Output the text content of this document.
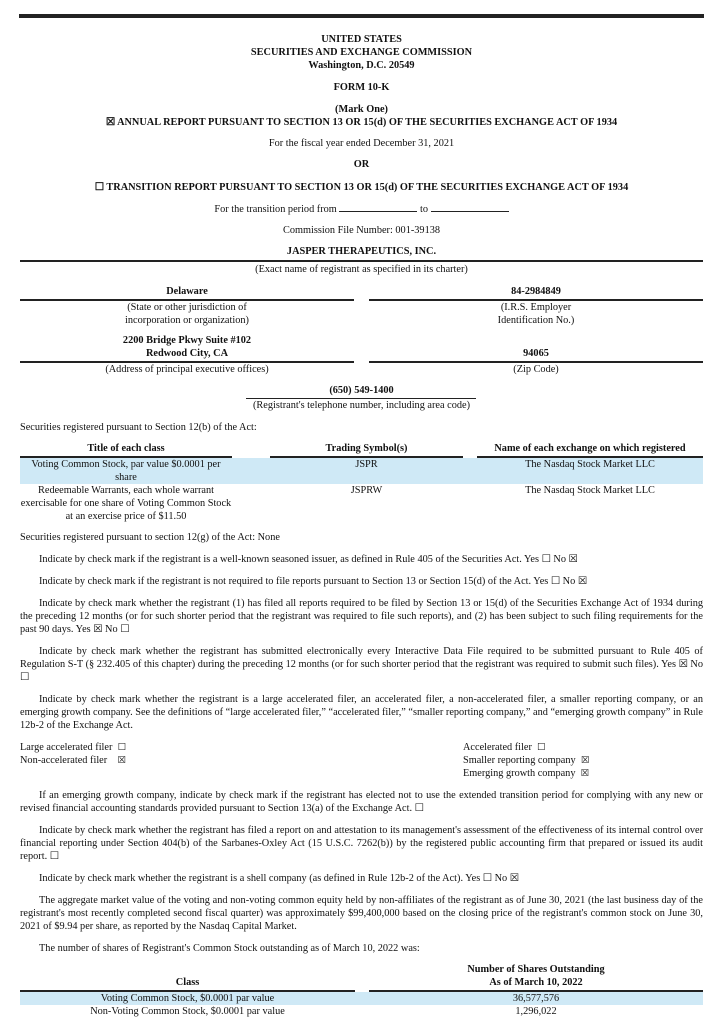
UNITED STATES
SECURITIES AND EXCHANGE COMMISSION
Washington, D.C. 20549
FORM 10-K
(Mark One)
☒ ANNUAL REPORT PURSUANT TO SECTION 13 OR 15(d) OF THE SECURITIES EXCHANGE ACT OF 1934
For the fiscal year ended December 31, 2021
OR
☐ TRANSITION REPORT PURSUANT TO SECTION 13 OR 15(d) OF THE SECURITIES EXCHANGE ACT OF 1934
For the transition period from	to
Commission File Number: 001-39138
JASPER THERAPEUTICS, INC.
(Exact name of registrant as specified in its charter)
Delaware
(State or other jurisdiction of
incorporation or organization)
84-2984849
(I.R.S. Employer
Identification No.)
2200 Bridge Pkwy Suite #102
Redwood City, CA
(Address of principal executive offices)
94065
(Zip Code)
(650) 549-1400
(Registrant's telephone number, including area code)
Securities registered pursuant to Section 12(b) of the Act:
Title of each class		Trading Symbol(s)		Name of each exchange on which registered

Voting Common Stock, par value $0.0001 per share		JSPR		The Nasdaq Stock Market LLC
Redeemable Warrants, each whole warrant exercisable for one share of Voting Common Stock at an exercise price of $11.50		JSPRW		The Nasdaq Stock Market LLC
Securities registered pursuant to section 12(g) of the Act: None
Indicate by check mark if the registrant is a well-known seasoned issuer, as defined in Rule 405 of the Securities Act. Yes ☐ No ☒
Indicate by check mark if the registrant is not required to file reports pursuant to Section 13 or Section 15(d) of the Act. Yes ☐ No ☒
Indicate by check mark whether the registrant (1) has filed all reports required to be filed by Section 13 or 15(d) of the Securities Exchange Act of 1934 during the preceding 12 months (or for such shorter period that the registrant was required to file such reports), and (2) has been subject to such filing requirements for the past 90 days. Yes ☒ No ☐
Indicate by check mark whether the registrant has submitted electronically every Interactive Data File required to be submitted pursuant to Rule 405 of Regulation S-T (§ 232.405 of this chapter) during the preceding 12 months (or for such shorter period that the registrant was required to submit such files). Yes ☒ No ☐
Indicate by check mark whether the registrant is a large accelerated filer, an accelerated filer, a non-accelerated filer, a smaller reporting company, or an emerging growth company. See the definitions of “large accelerated filer,” “accelerated filer,” “smaller reporting company,” and “emerging growth company” in Rule 12b-2 of the Exchange Act.
Large accelerated filer ☐
Non-accelerated filer ☒
Accelerated filer ☐
Smaller reporting company ☒
Emerging growth company ☒
If an emerging growth company, indicate by check mark if the registrant has elected not to use the extended transition period for complying with any new or revised financial accounting standards provided pursuant to Section 13(a) of the Exchange Act. ☐
Indicate by check mark whether the registrant has filed a report on and attestation to its management's assessment of the effectiveness of its internal control over financial reporting under Section 404(b) of the Sarbanes-Oxley Act (15 U.S.C. 7262(b)) by the registered public accounting firm that prepared or issued its audit report. ☐
Indicate by check mark whether the registrant is a shell company (as defined in Rule 12b-2 of the Act). Yes ☐ No ☒
The aggregate market value of the voting and non-voting common equity held by non-affiliates of the registrant as of June 30, 2021 (the last business day of the registrant's most recently completed second fiscal quarter) was approximately $99,400,000 based on the closing price of the registrant's common stock on June 30, 2021 of $9.94 per share, as reported by the Nasdaq Capital Market.
The number of shares of Registrant's Common Stock outstanding as of March 10, 2022 was:
Class		Number of Shares Outstanding
As of March 10, 2022

Voting Common Stock, $0.0001 par value		36,577,576
Non-Voting Common Stock, $0.0001 par value		1,296,022
